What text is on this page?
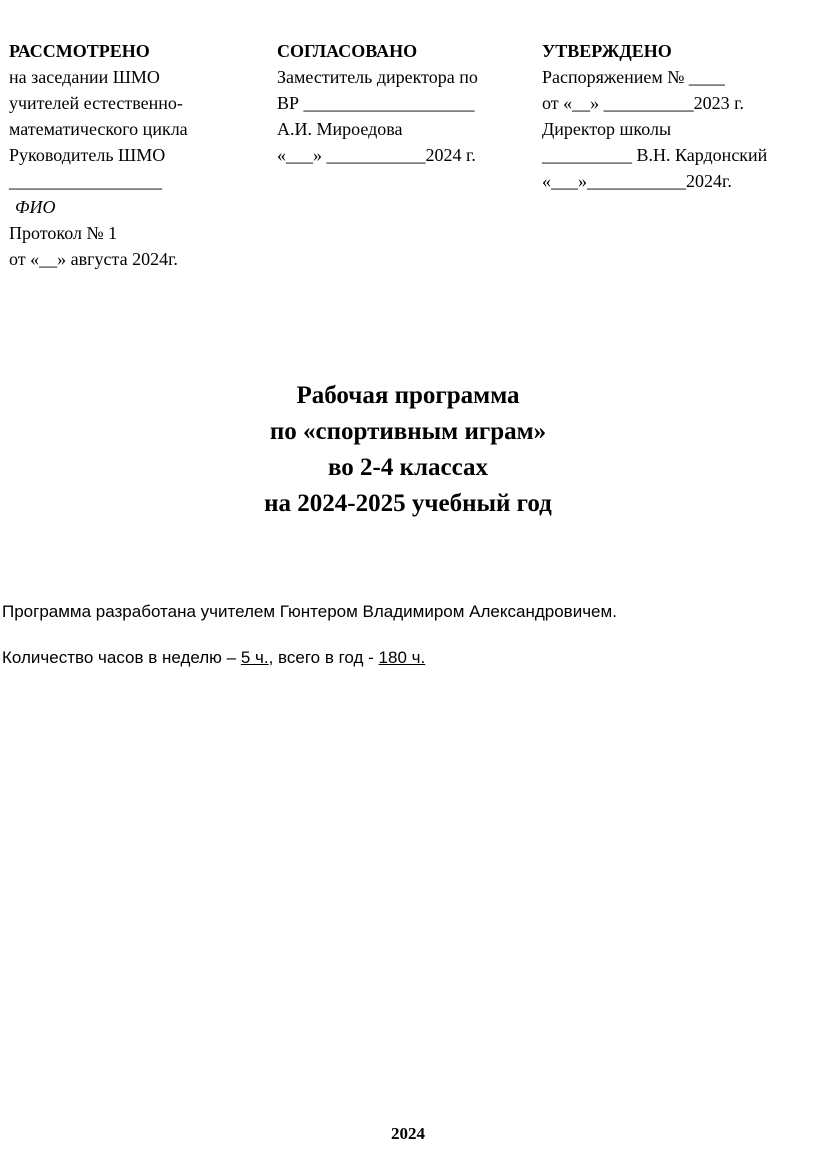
РАССМОТРЕНО
на заседании ШМО
учителей естественно-
математического цикла
Руководитель ШМО
_________________
ФИО
Протокол № 1
от «__» августа 2024г.
СОГЛАСОВАНО
Заместитель директора по
ВР ___________________
А.И. Мироедова
«___» ___________2024 г.
УТВЕРЖДЕНО
Распоряжением № ____
от «__» __________2023 г.
Директор школы
__________ В.Н. Кардонский
«___»___________2024г.
Рабочая программа
по «спортивным играм»
во 2-4 классах
на 2024-2025 учебный год
Программа разработана учителем Гюнтером Владимиром Александровичем.
Количество часов в неделю – 5 ч., всего в год - 180 ч.
2024
